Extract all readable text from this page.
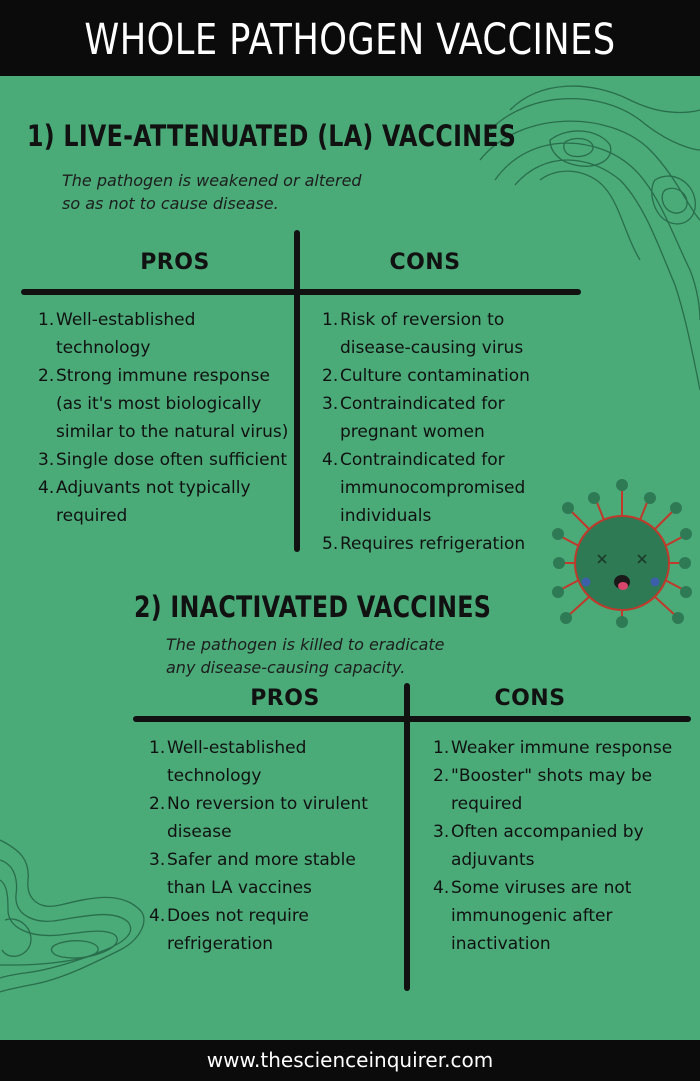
WHOLE PATHOGEN VACCINES
1) LIVE-ATTENUATED (LA) VACCINES

The pathogen is weakened or altered so as not to cause disease.

PROS	CONS
1. Well-established technology
2. Strong immune response (as it's most biologically similar to the natural virus)
3. Single dose often sufficient
4. Adjuvants not typically required
1. Risk of reversion to disease-causing virus
2. Culture contamination
3. Contraindicated for pregnant women
4. Contraindicated for immunocompromised individuals
5. Requires refrigeration
2) INACTIVATED VACCINES

The pathogen is killed to eradicate any disease-causing capacity.

PROS	CONS
1. Well-established technology
2. No reversion to virulent disease
3. Safer and more stable than LA vaccines
4. Does not require refrigeration
1. Weaker immune response
2. "Booster" shots may be required
3. Often accompanied by adjuvants
4. Some viruses are not immunogenic after inactivation
www.thescienceinquirer.com
